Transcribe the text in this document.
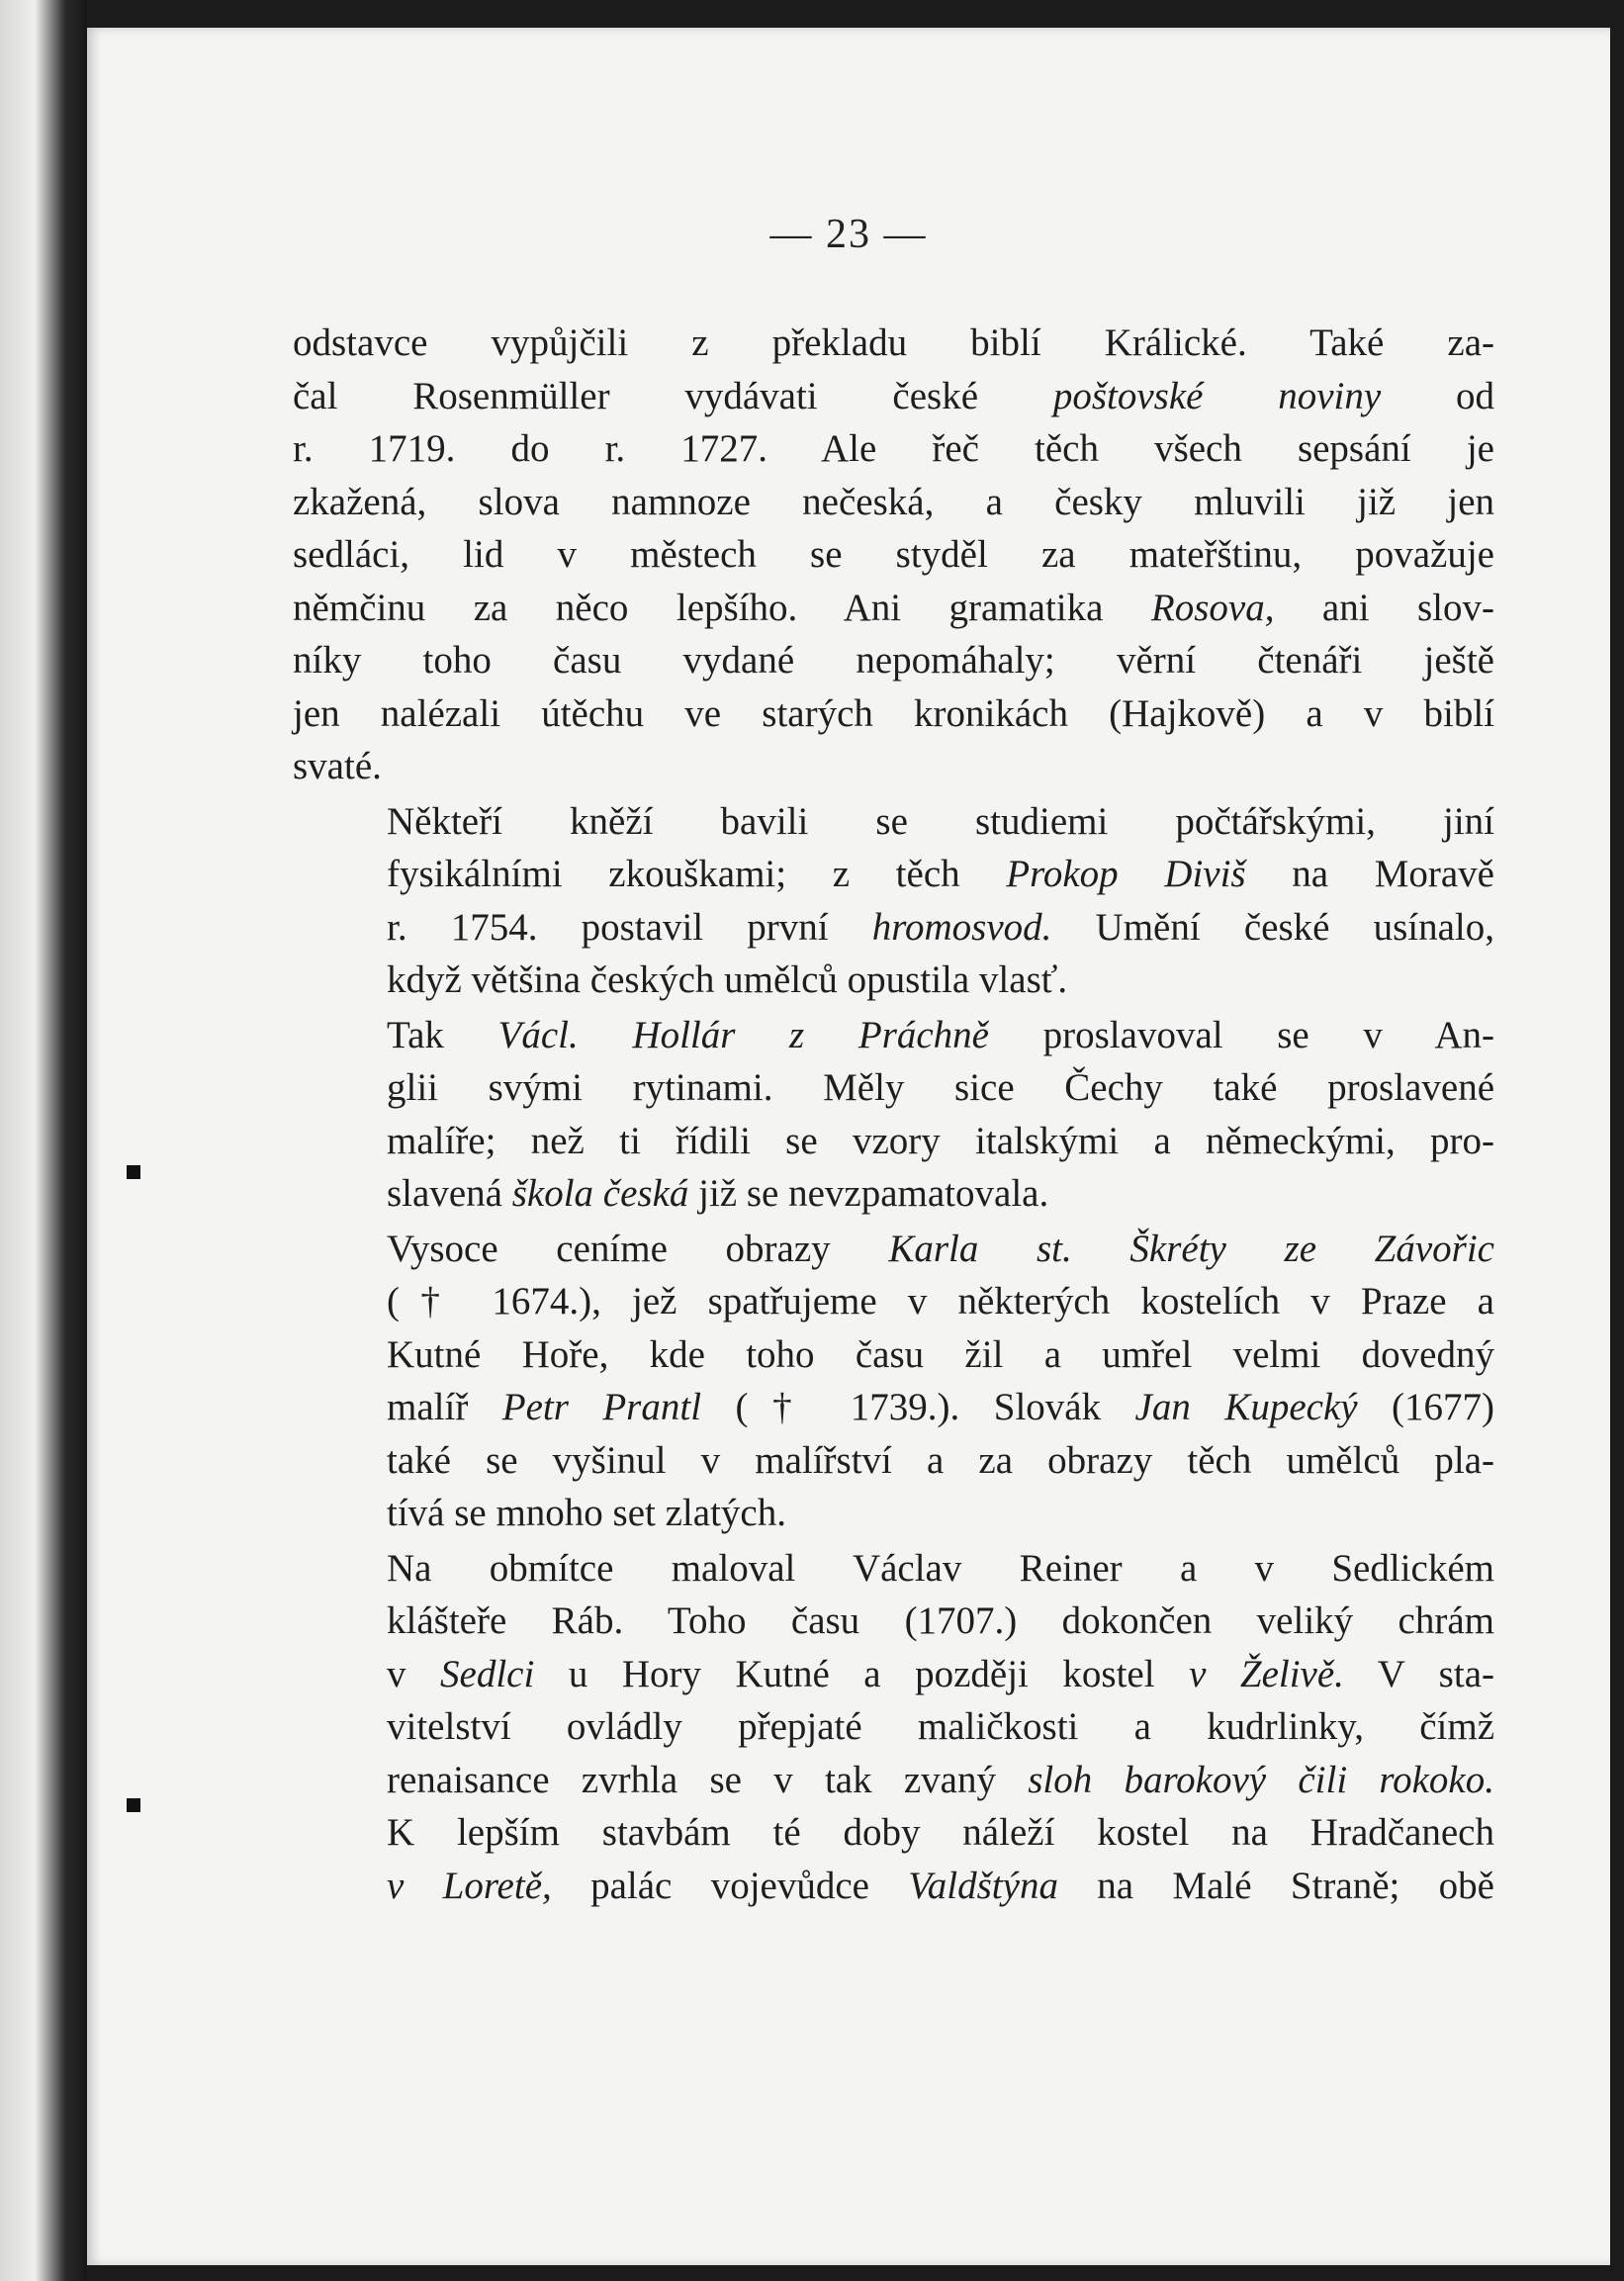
— 23 —

odstavce vypůjčili z překladu biblí Králické. Také za-
čal Rosenmüller vydávati české poštovské noviny od
r. 1719. do r. 1727. Ale řeč těch všech sepsání je
zkažená, slova namnoze nečeská, a česky mluvili již jen
sedláci, lid v městech se styděl za mateřštinu, považuje
němčinu za něco lepšího. Ani gramatika Rosova, ani slov-
níky toho času vydané nepomáhaly; věrní čtenáři ještě
jen nalézali útěchu ve starých kronikách (Hajkově) a v biblí
svaté.

Někteří kněží bavili se studiemi počtářskými, jiní
fysikálními zkouškami; z těch Prokop Diviš na Moravě
r. 1754. postavil první hromosvod. Umění české usínalo,
když většina českých umělců opustila vlasť.

Tak Václ. Hollár z Práchně proslavoval se v An-
glii svými rytinami. Měly sice Čechy také proslavené
malíře; než ti řídili se vzory italskými a německými, pro-
slavená škola česká již se nevzpamatovala.

Vysoce ceníme obrazy Karla st. Škréty ze Závořic
(† 1674.), jež spatřujeme v některých kostelích v Praze a
Kutné Hoře, kde toho času žil a umřel velmi dovedný
malíř Petr Prantl († 1739.). Slovák Jan Kupecký (1677)
také se vyšinul v malířství a za obrazy těch umělců pla-
tívá se mnoho set zlatých.

Na obmítce maloval Václav Reiner a v Sedlickém
klášteře Ráb. Toho času (1707.) dokončen veliký chrám
v Sedlci u Hory Kutné a později kostel v Želivě. V sta-
vitelství ovládly přepjaté maličkosti a kudrlinky, čímž
renaisance zvrhla se v tak zvaný sloh barokový čili rokoko.
K lepším stavbám té doby náleží kostel na Hradčanech
v Loretě, palác vojevůdce Valdštýna na Malé Straně; obě
